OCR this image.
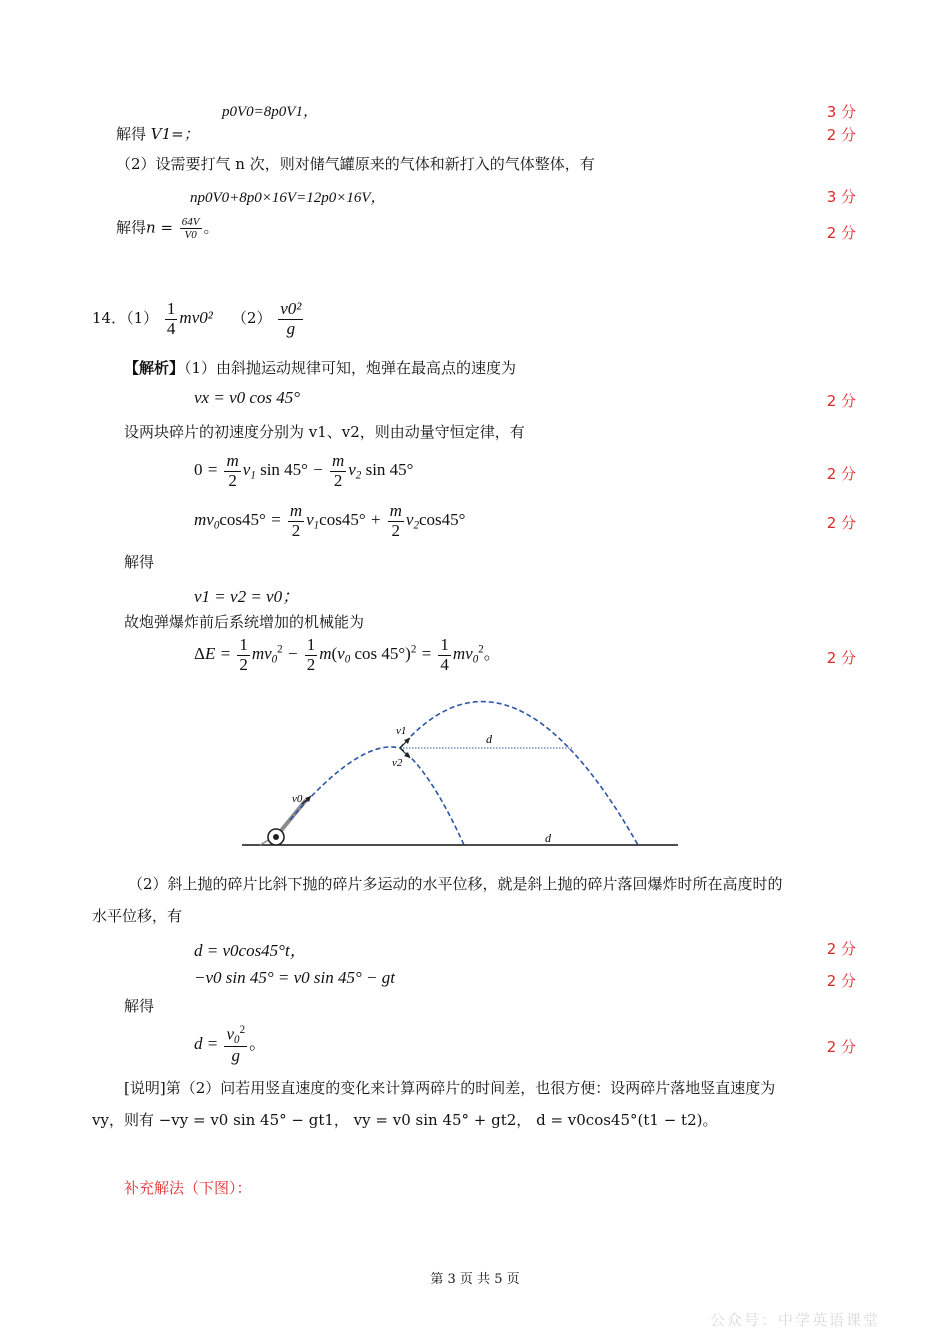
p0V0=8p0V1，	3 分
解得 V1=；	2 分
（2）设需要打气 n 次，则对储气罐原来的气体和新打入的气体整体，有
np0V0+8p0×16V=12p0×16V，	3 分
解得$n = \frac{64V}{V0}$ 。	2 分
14．$(1) \frac{1}{4} mv0^2$ $(2) \frac{\text{v0²}}{g}$
【解析】（1）由斜抛运动规律可知，炮弹在最高点的速度为
vx = v0 cos 45°	2 分
设两块碎片的初速度分别为 v1、v2，则由动量守恒定律，有
$0 = \frac{m}{2} v_1$ $\sin 45^\circ - \frac{m}{2} v_2$ sin 45°	2 分
$mv_0\cos 45^\circ = \frac{m}{2} v_1\cos 45^\circ + \frac{m}{2} v_2\cos 45^\circ$	2 分
解得
v1 = v2 = v0；
故炮弹爆炸前后系统增加的机械能为
$\Delta E = \frac{1}{2} mv_0^2 - \frac{1}{2} m(v_0$ $\cos 45^\circ)^2 = \frac{1}{4} mv_0^2$。	2 分
v1
v2
v0
d
d
（2）斜上抛的碎片比斜下抛的碎片多运动的水平位移，就是斜上抛的碎片落回爆炸时所在高度时的
水平位移，有
d = v0cos45°t，	2 分
−v0 sin 45° = v0 sin 45° − gt	2 分
解得
$d = \frac{v_0^2}{g}$ 。	2 分
[说明]第（2）问若用竖直速度的变化来计算两碎片的时间差，也很方便：设两碎片落地竖直速度为
vy，则有 −vy = v0 sin 45° − gt1， vy = v0 sin 45° + gt2， d = v0cos45°(t1 − t2)。
补充解法（下图）：
第 3 页 共 5 页
公众号：中学英语课堂
